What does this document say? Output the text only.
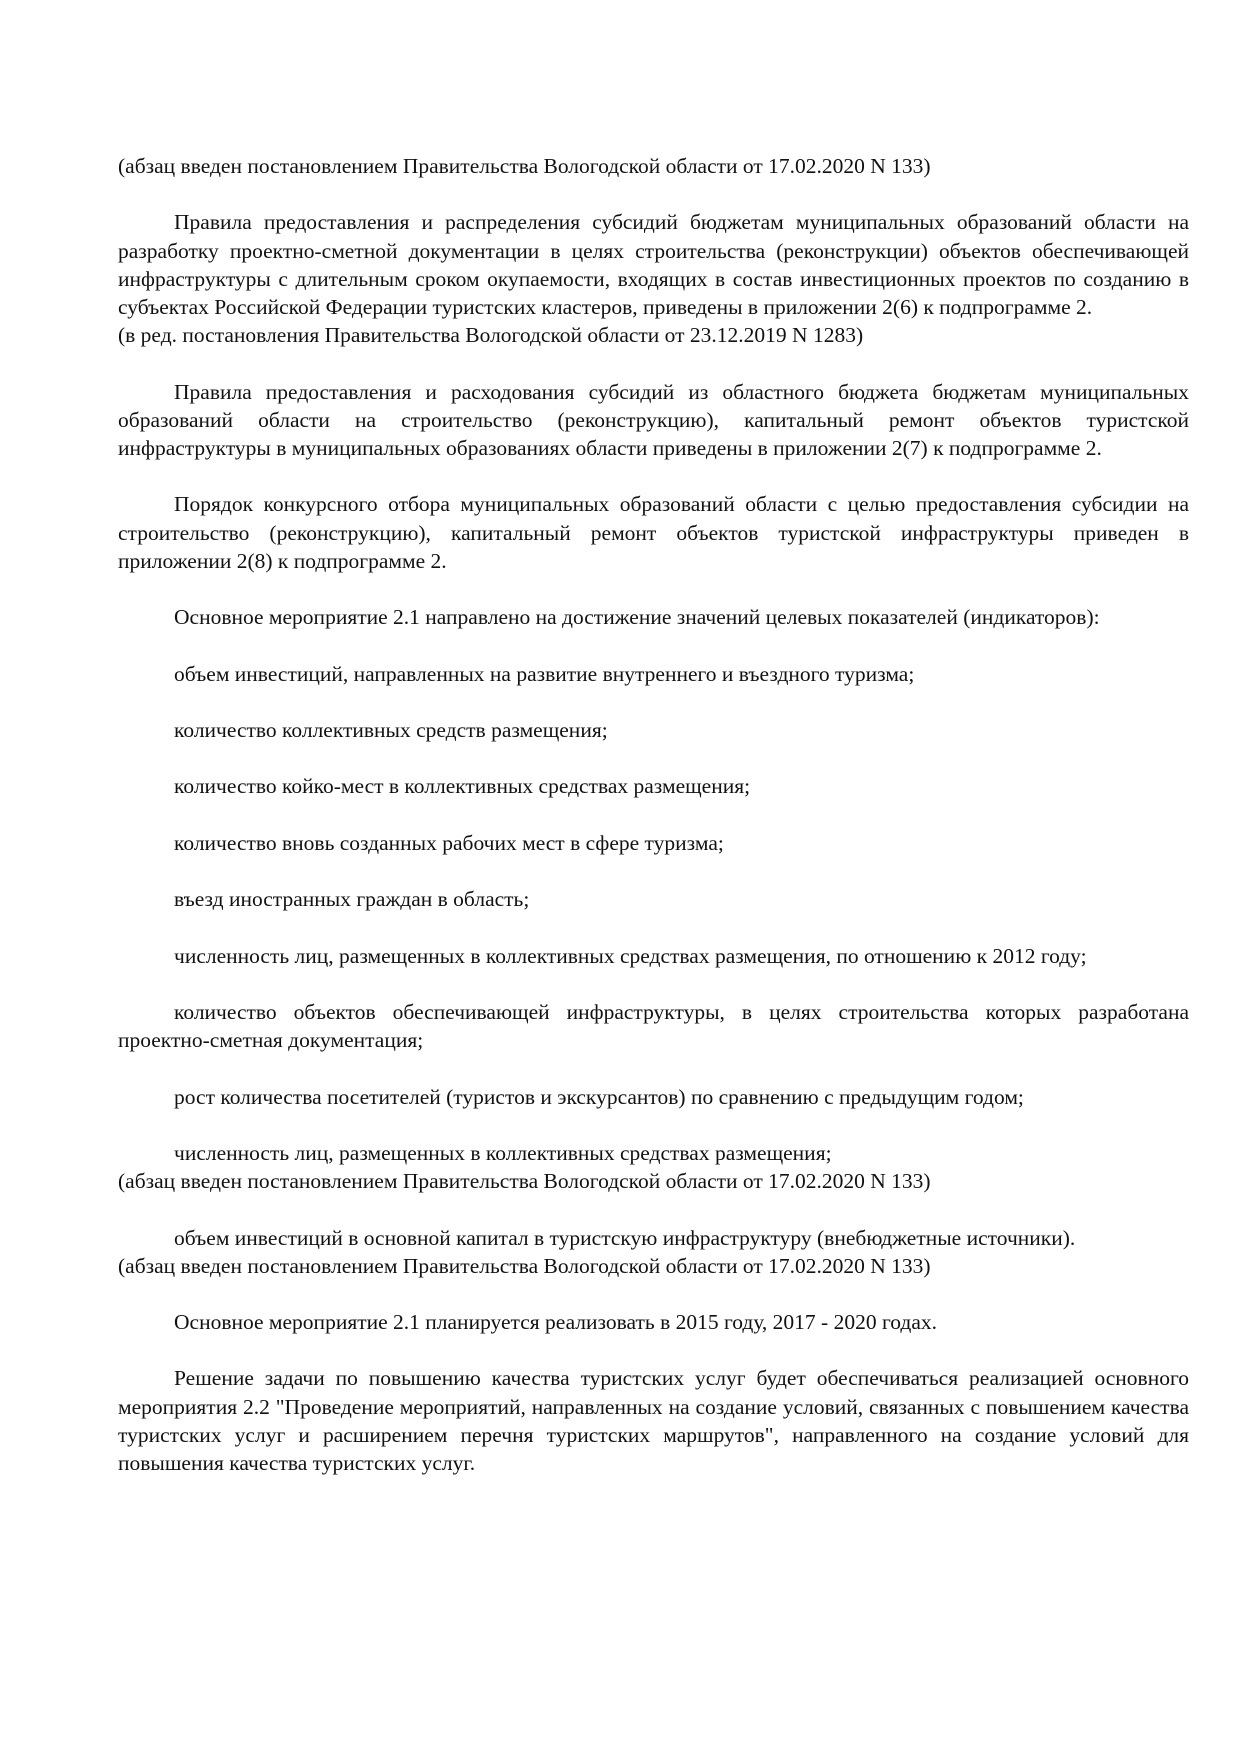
(абзац введен постановлением Правительства Вологодской области от 17.02.2020 N 133)

Правила предоставления и распределения субсидий бюджетам муниципальных образований области на разработку проектно-сметной документации в целях строительства (реконструкции) объектов обеспечивающей инфраструктуры с длительным сроком окупаемости, входящих в состав инвестиционных проектов по созданию в субъектах Российской Федерации туристских кластеров, приведены в приложении 2(6) к подпрограмме 2.

(в ред. постановления Правительства Вологодской области от 23.12.2019 N 1283)

Правила предоставления и расходования субсидий из областного бюджета бюджетам муниципальных образований области на строительство (реконструкцию), капитальный ремонт объектов туристской инфраструктуры в муниципальных образованиях области приведены в приложении 2(7) к подпрограмме 2.

Порядок конкурсного отбора муниципальных образований области с целью предоставления субсидии на строительство (реконструкцию), капитальный ремонт объектов туристской инфраструктуры приведен в приложении 2(8) к подпрограмме 2.

Основное мероприятие 2.1 направлено на достижение значений целевых показателей (индикаторов):

объем инвестиций, направленных на развитие внутреннего и въездного туризма;

количество коллективных средств размещения;

количество койко-мест в коллективных средствах размещения;

количество вновь созданных рабочих мест в сфере туризма;

въезд иностранных граждан в область;

численность лиц, размещенных в коллективных средствах размещения, по отношению к 2012 году;

количество объектов обеспечивающей инфраструктуры, в целях строительства которых разработана проектно-сметная документация;

рост количества посетителей (туристов и экскурсантов) по сравнению с предыдущим годом;

численность лиц, размещенных в коллективных средствах размещения;

(абзац введен постановлением Правительства Вологодской области от 17.02.2020 N 133)

объем инвестиций в основной капитал в туристскую инфраструктуру (внебюджетные источники).

(абзац введен постановлением Правительства Вологодской области от 17.02.2020 N 133)

Основное мероприятие 2.1 планируется реализовать в 2015 году, 2017 - 2020 годах.

Решение задачи по повышению качества туристских услуг будет обеспечиваться реализацией основного мероприятия 2.2 "Проведение мероприятий, направленных на создание условий, связанных с повышением качества туристских услуг и расширением перечня туристских маршрутов", направленного на создание условий для повышения качества туристских услуг.
